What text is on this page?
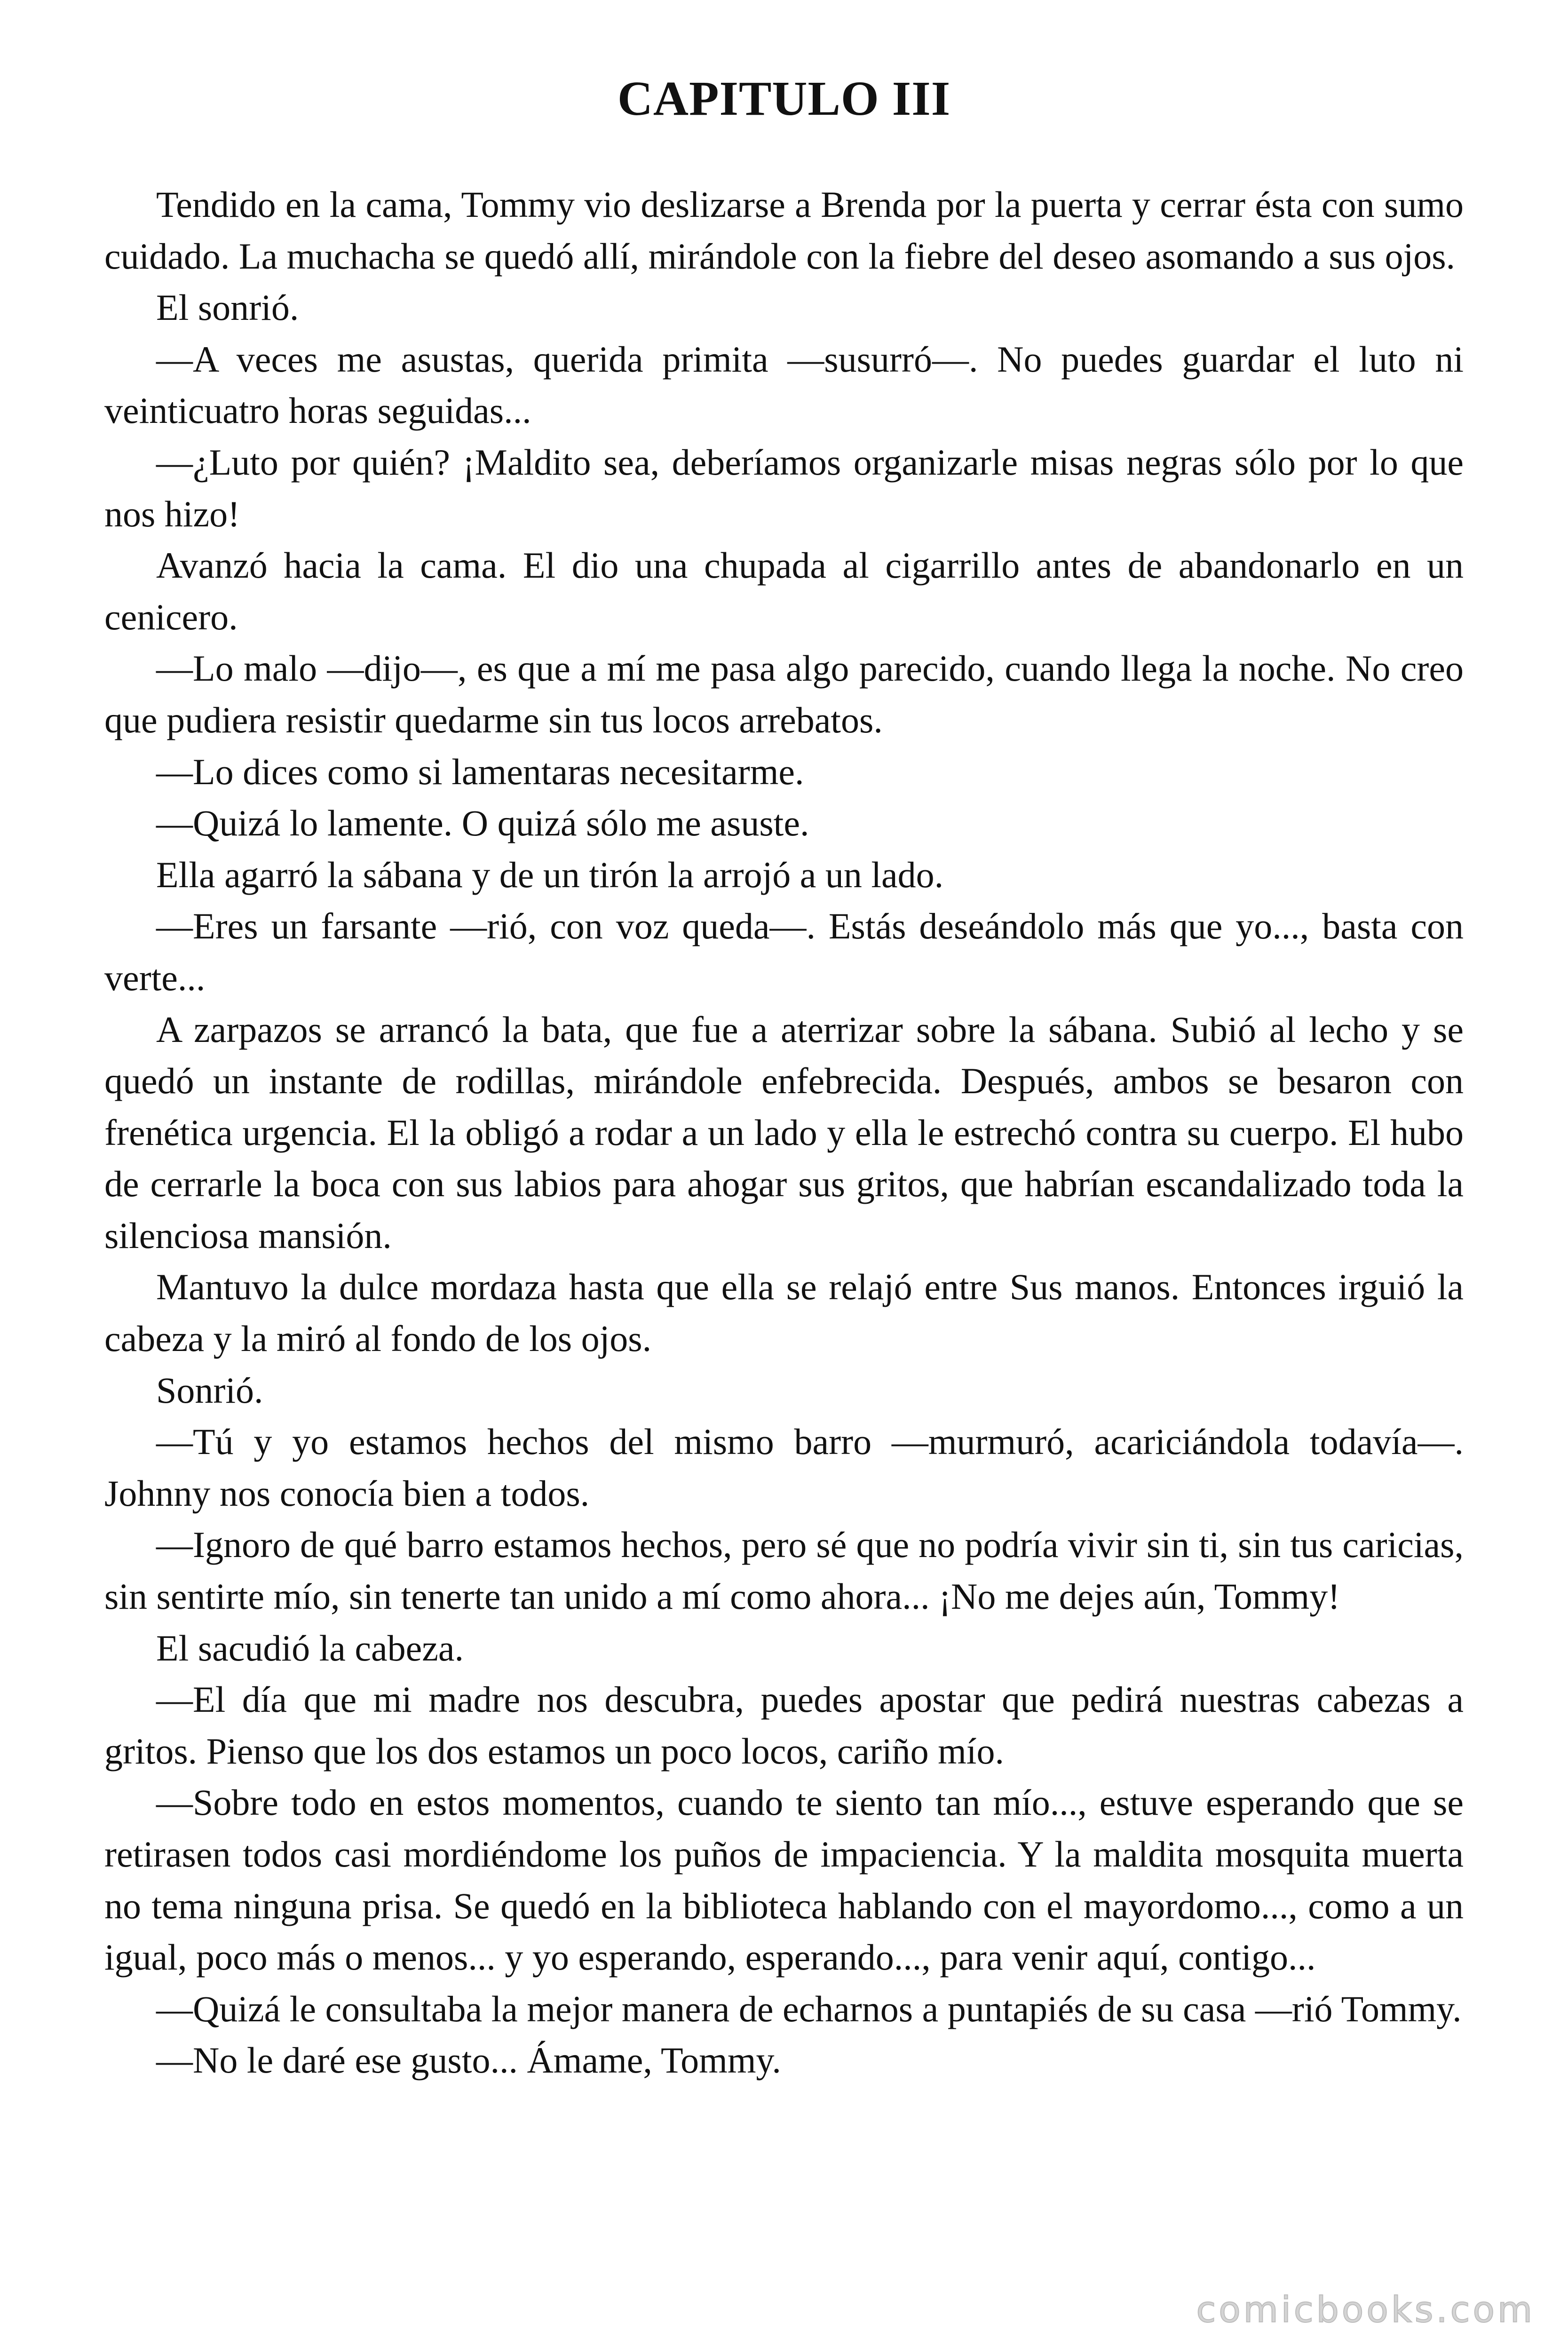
CAPITULO III

Tendido en la cama, Tommy vio deslizarse a Brenda por la puerta y cerrar ésta con sumo cuidado. La muchacha se quedó allí, mirándole con la fiebre del deseo asomando a sus ojos.

El sonrió.

—A veces me asustas, querida primita —susurró—. No puedes guardar el luto ni veinticuatro horas seguidas...

—¿Luto por quién? ¡Maldito sea, deberíamos organizarle misas negras sólo por lo que nos hizo!

Avanzó hacia la cama. El dio una chupada al cigarrillo antes de abandonarlo en un cenicero.

—Lo malo —dijo—, es que a mí me pasa algo parecido, cuando llega la noche. No creo que pudiera resistir quedarme sin tus locos arrebatos.

—Lo dices como si lamentaras necesitarme.

—Quizá lo lamente. O quizá sólo me asuste.

Ella agarró la sábana y de un tirón la arrojó a un lado.

—Eres un farsante —rió, con voz queda—. Estás deseándolo más que yo..., basta con verte...

A zarpazos se arrancó la bata, que fue a aterrizar sobre la sábana. Subió al lecho y se quedó un instante de rodillas, mirándole enfebrecida. Después, ambos se besaron con frenética urgencia. El la obligó a rodar a un lado y ella le estrechó contra su cuerpo. El hubo de cerrarle la boca con sus labios para ahogar sus gritos, que habrían escandalizado toda la silenciosa mansión.

Mantuvo la dulce mordaza hasta que ella se relajó entre Sus manos. Entonces irguió la cabeza y la miró al fondo de los ojos.

Sonrió.

—Tú y yo estamos hechos del mismo barro —murmuró, acariciándola todavía—. Johnny nos conocía bien a todos.

—Ignoro de qué barro estamos hechos, pero sé que no podría vivir sin ti, sin tus caricias, sin sentirte mío, sin tenerte tan unido a mí como ahora... ¡No me dejes aún, Tommy!

El sacudió la cabeza.

—El día que mi madre nos descubra, puedes apostar que pedirá nuestras cabezas a gritos. Pienso que los dos estamos un poco locos, cariño mío.

—Sobre todo en estos momentos, cuando te siento tan mío..., estuve esperando que se retirasen todos casi mordiéndome los puños de impaciencia. Y la maldita mosquita muerta no tema ninguna prisa. Se quedó en la biblioteca hablando con el mayordomo..., como a un igual, poco más o menos... y yo esperando, esperando..., para venir aquí, contigo...

—Quizá le consultaba la mejor manera de echarnos a puntapiés de su casa —rió Tommy.

—No le daré ese gusto... Ámame, Tommy.

comicbooks.com
